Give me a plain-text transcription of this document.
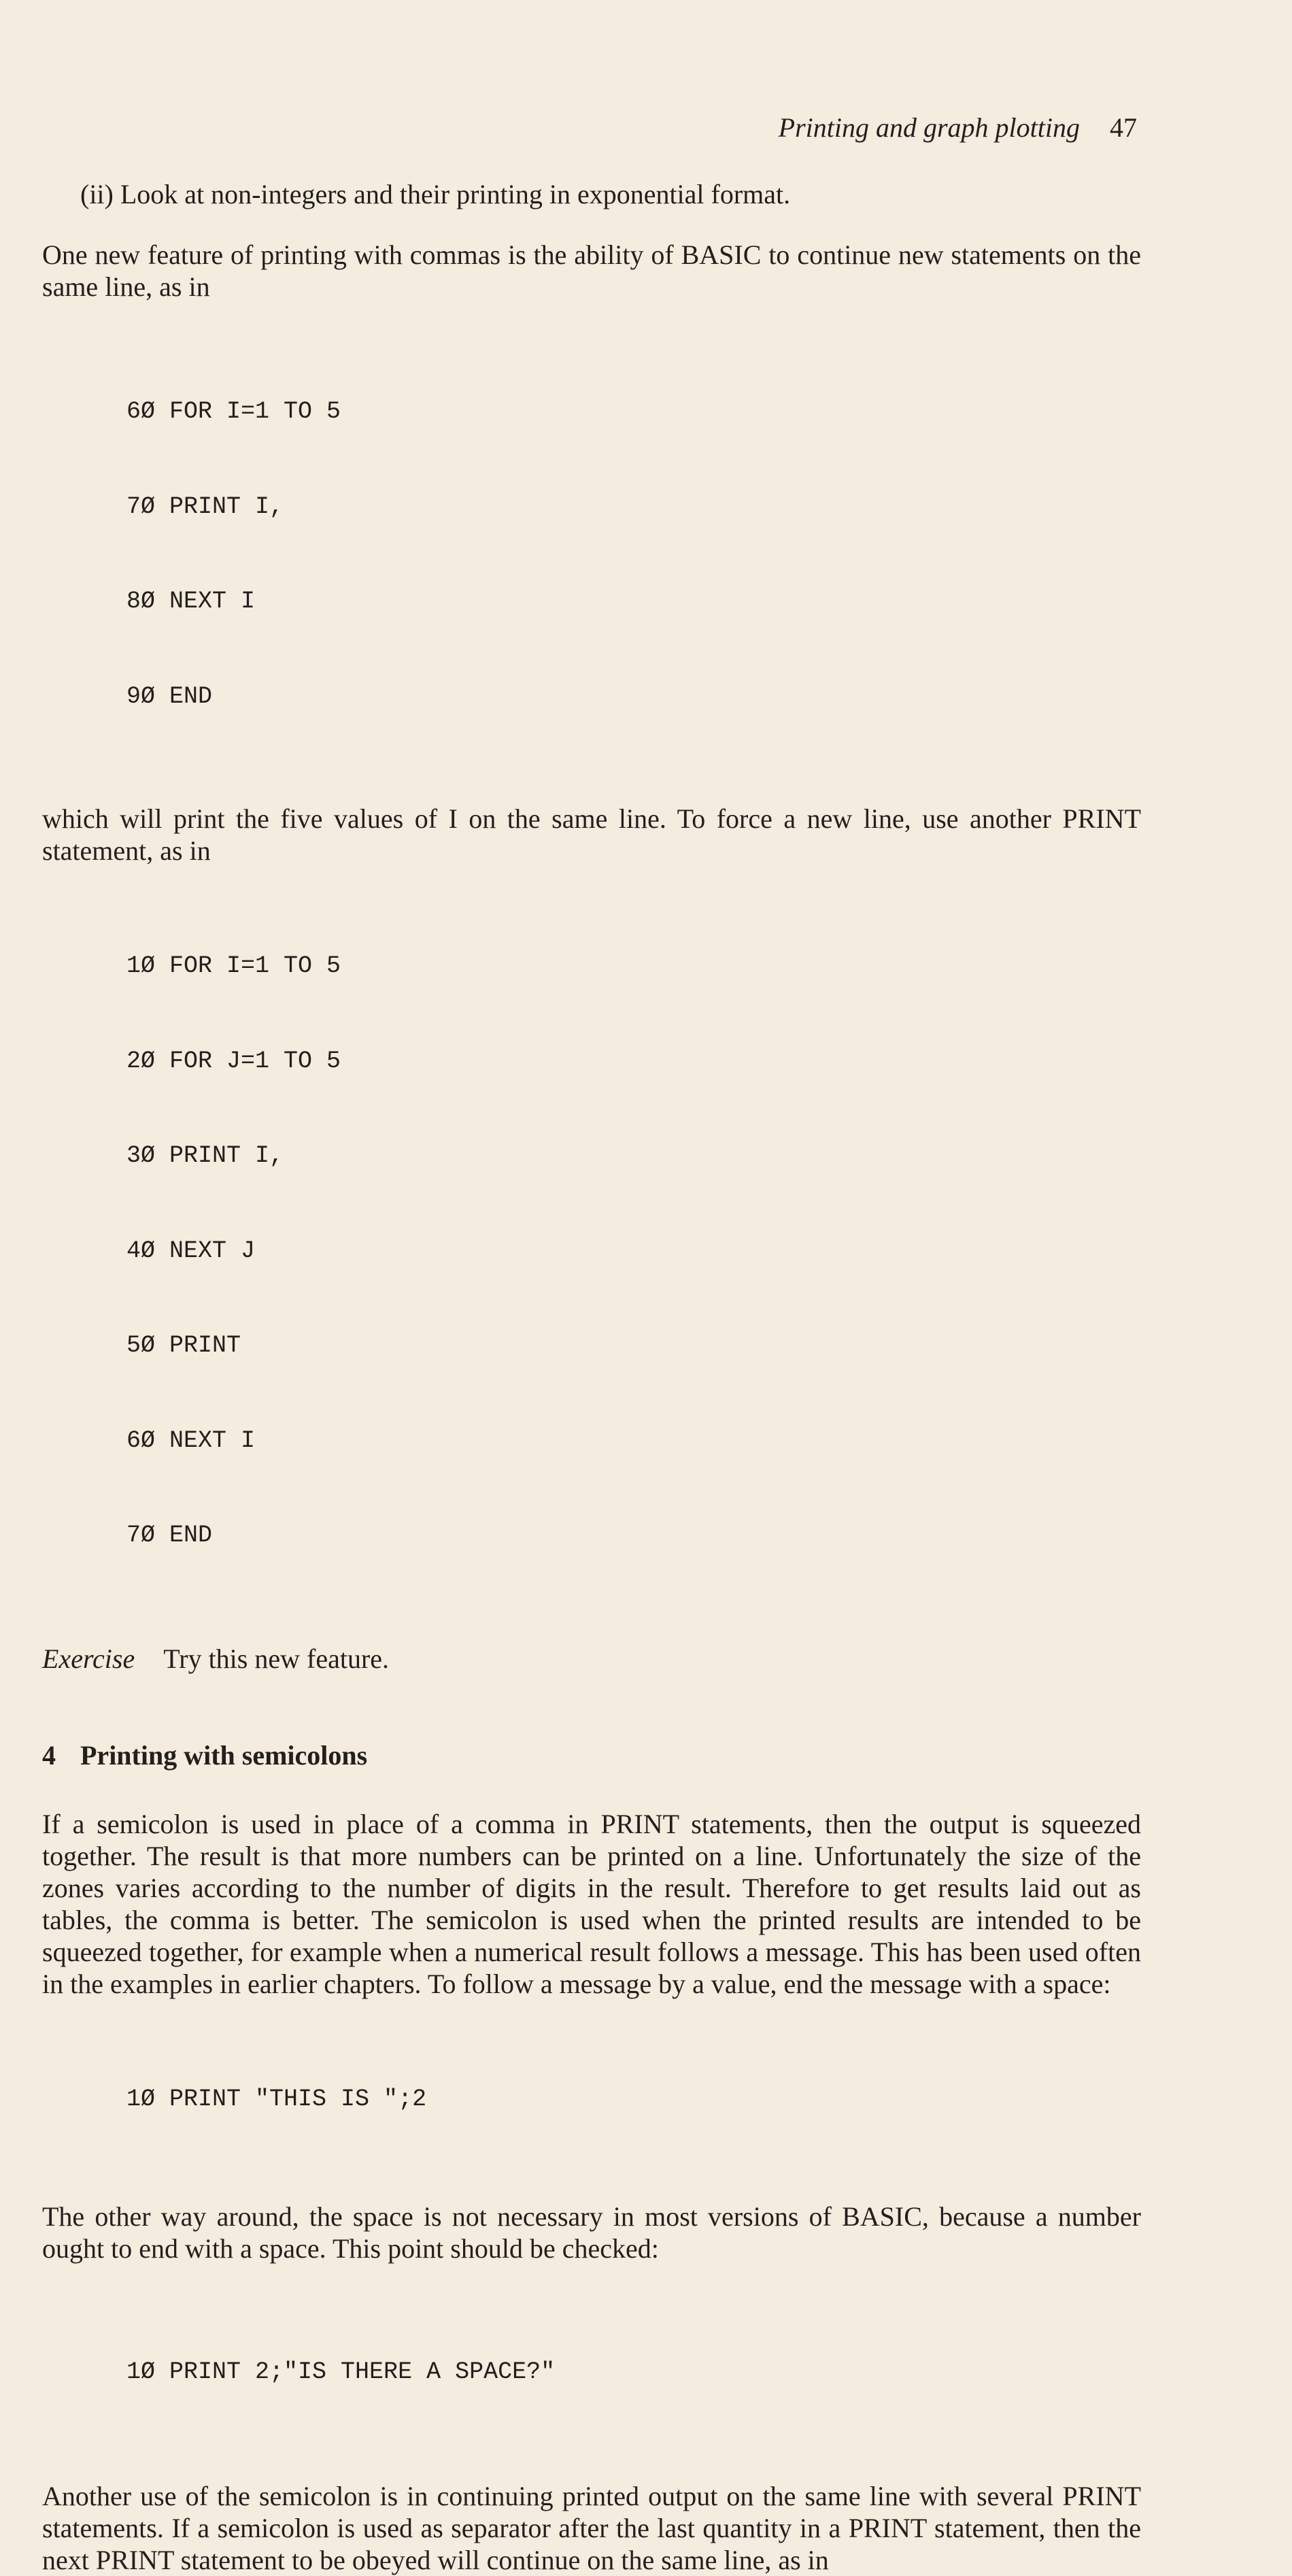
Printing and graph plotting 47

(ii) Look at non-integers and their printing in exponential format.

One new feature of printing with commas is the ability of BASIC to continue new statements on the same line, as in

6Ø FOR I=1 TO 5

7Ø PRINT I,

8Ø NEXT I

9Ø END

which will print the five values of I on the same line. To force a new line, use another PRINT statement, as in

1Ø FOR I=1 TO 5

2Ø FOR J=1 TO 5

3Ø PRINT I,

4Ø NEXT J

5Ø PRINT

6Ø NEXT I

7Ø END

Exercise Try this new feature.
4 Printing with semicolons

If a semicolon is used in place of a comma in PRINT statements, then the output is squeezed together. The result is that more numbers can be printed on a line. Unfortunately the size of the zones varies according to the number of digits in the result. Therefore to get results laid out as tables, the comma is better. The semicolon is used when the printed results are intended to be squeezed together, for example when a numerical result follows a message. This has been used often in the examples in earlier chapters. To follow a message by a value, end the message with a space:

1Ø PRINT "THIS IS ";2

The other way around, the space is not necessary in most versions of BASIC, because a number ought to end with a space. This point should be checked:

1Ø PRINT 2;"IS THERE A SPACE?"

Another use of the semicolon is in continuing printed output on the same line with several PRINT statements. If a semicolon is used as separator after the last quantity in a PRINT statement, then the next PRINT statement to be obeyed will continue on the same line, as in
